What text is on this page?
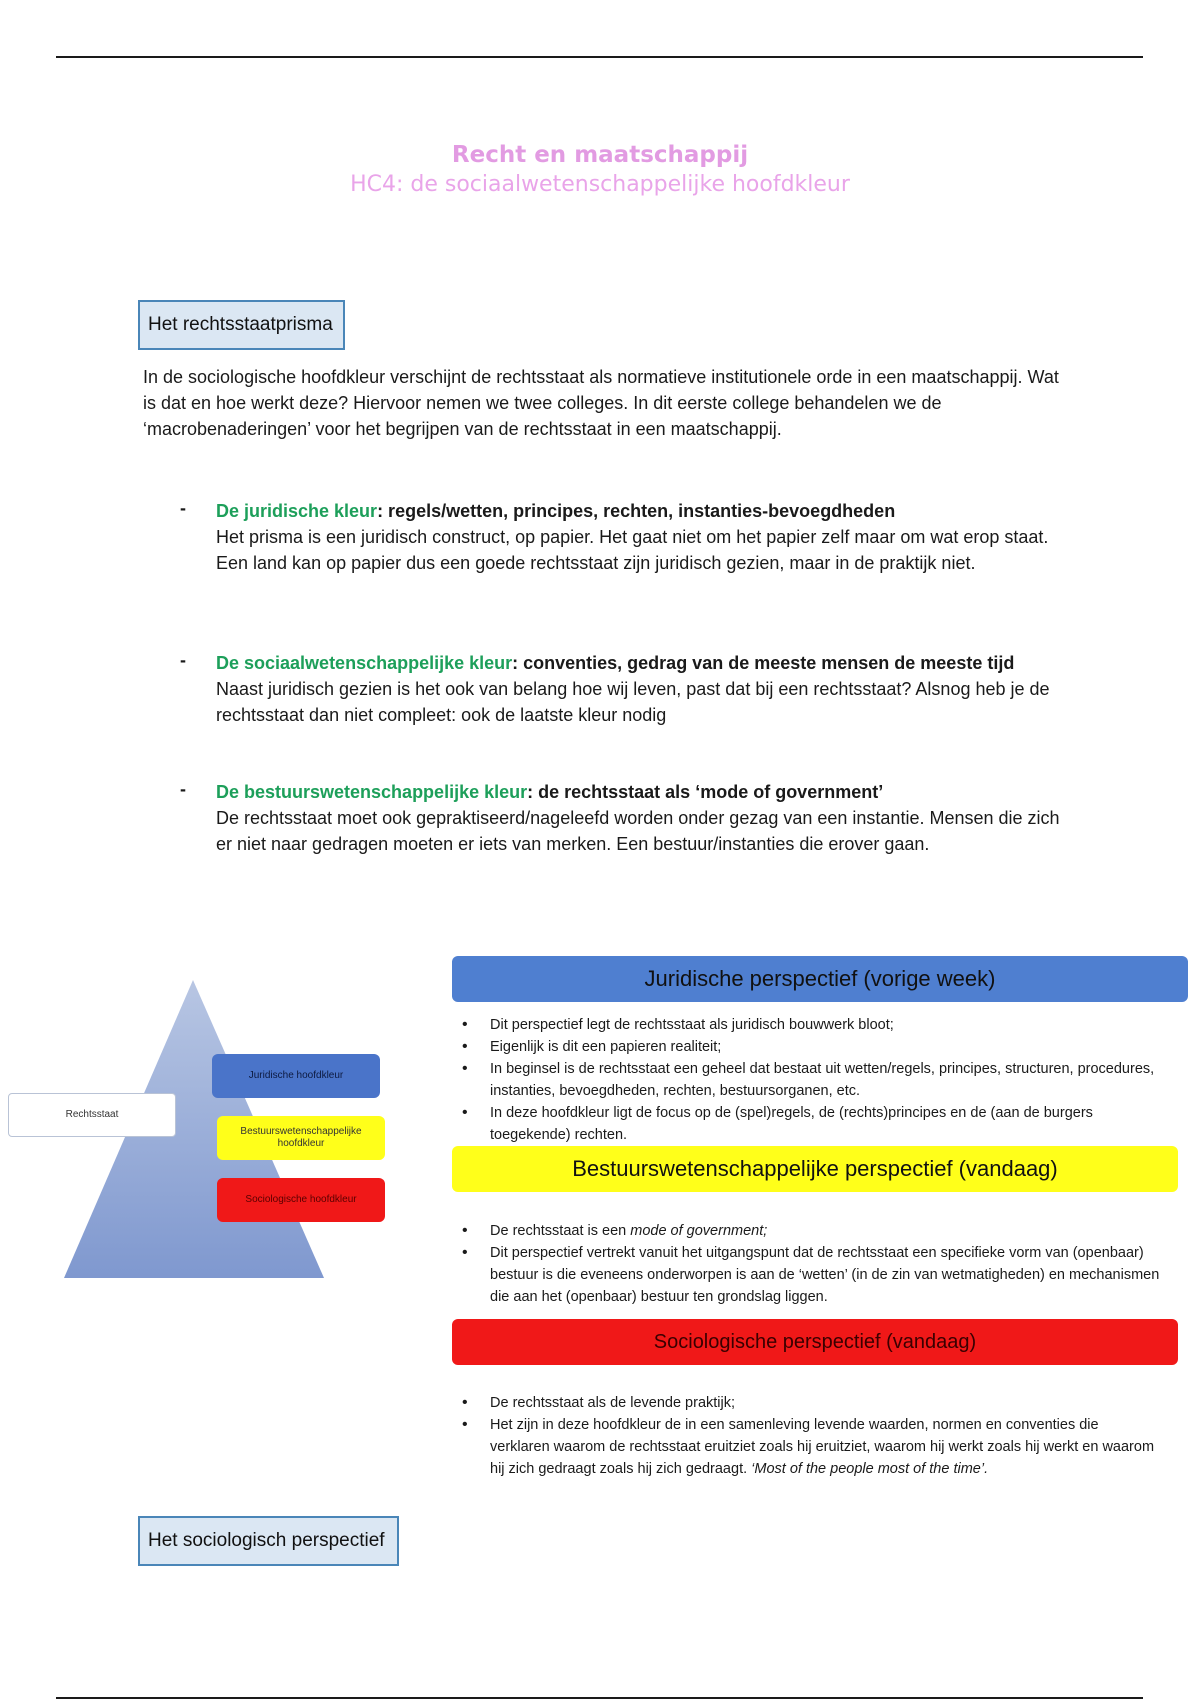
Recht en maatschappij
HC4: de sociaalwetenschappelijke hoofdkleur
Het rechtsstaatprisma
In de sociologische hoofdkleur verschijnt de rechtsstaat als normatieve institutionele orde in een maatschappij. Wat is dat en hoe werkt deze? Hiervoor nemen we twee colleges. In dit eerste college behandelen we de ‘macrobenaderingen’ voor het begrijpen van de rechtsstaat in een maatschappij.
- De juridische kleur: regels/wetten, principes, rechten, instanties-bevoegdheden
Het prisma is een juridisch construct, op papier. Het gaat niet om het papier zelf maar om wat erop staat. Een land kan op papier dus een goede rechtsstaat zijn juridisch gezien, maar in de praktijk niet.
- De sociaalwetenschappelijke kleur: conventies, gedrag van de meeste mensen de meeste tijd
Naast juridisch gezien is het ook van belang hoe wij leven, past dat bij een rechtsstaat? Alsnog heb je de rechtsstaat dan niet compleet: ook de laatste kleur nodig
- De bestuurswetenschappelijke kleur: de rechtsstaat als ‘mode of government’
De rechtsstaat moet ook gepraktiseerd/nageleefd worden onder gezag van een instantie. Mensen die zich er niet naar gedragen moeten er iets van merken. Een bestuur/instanties die erover gaan.
Rechtsstaat
Juridische hoofdkleur
Bestuurswetenschappelijke hoofdkleur
Sociologische hoofdkleur
Juridische perspectief (vorige week)
• Dit perspectief legt de rechtsstaat als juridisch bouwwerk bloot;
• Eigenlijk is dit een papieren realiteit;
• In beginsel is de rechtsstaat een geheel dat bestaat uit wetten/regels, principes, structuren, procedures, instanties, bevoegdheden, rechten, bestuursorganen, etc.
• In deze hoofdkleur ligt de focus op de (spel)regels, de (rechts)principes en de (aan de burgers toegekende) rechten.
Bestuurswetenschappelijke perspectief (vandaag)
• De rechtsstaat is een mode of government;
• Dit perspectief vertrekt vanuit het uitgangspunt dat de rechtsstaat een specifieke vorm van (openbaar) bestuur is die eveneens onderworpen is aan de ‘wetten’ (in de zin van wetmatigheden) en mechanismen die aan het (openbaar) bestuur ten grondslag liggen.
Sociologische perspectief (vandaag)
• De rechtsstaat als de levende praktijk;
• Het zijn in deze hoofdkleur de in een samenleving levende waarden, normen en conventies die verklaren waarom de rechtsstaat eruitziet zoals hij eruitziet, waarom hij werkt zoals hij werkt en waarom hij zich gedraagt zoals hij zich gedraagt. ‘Most of the people most of the time’.
Het sociologisch perspectief
